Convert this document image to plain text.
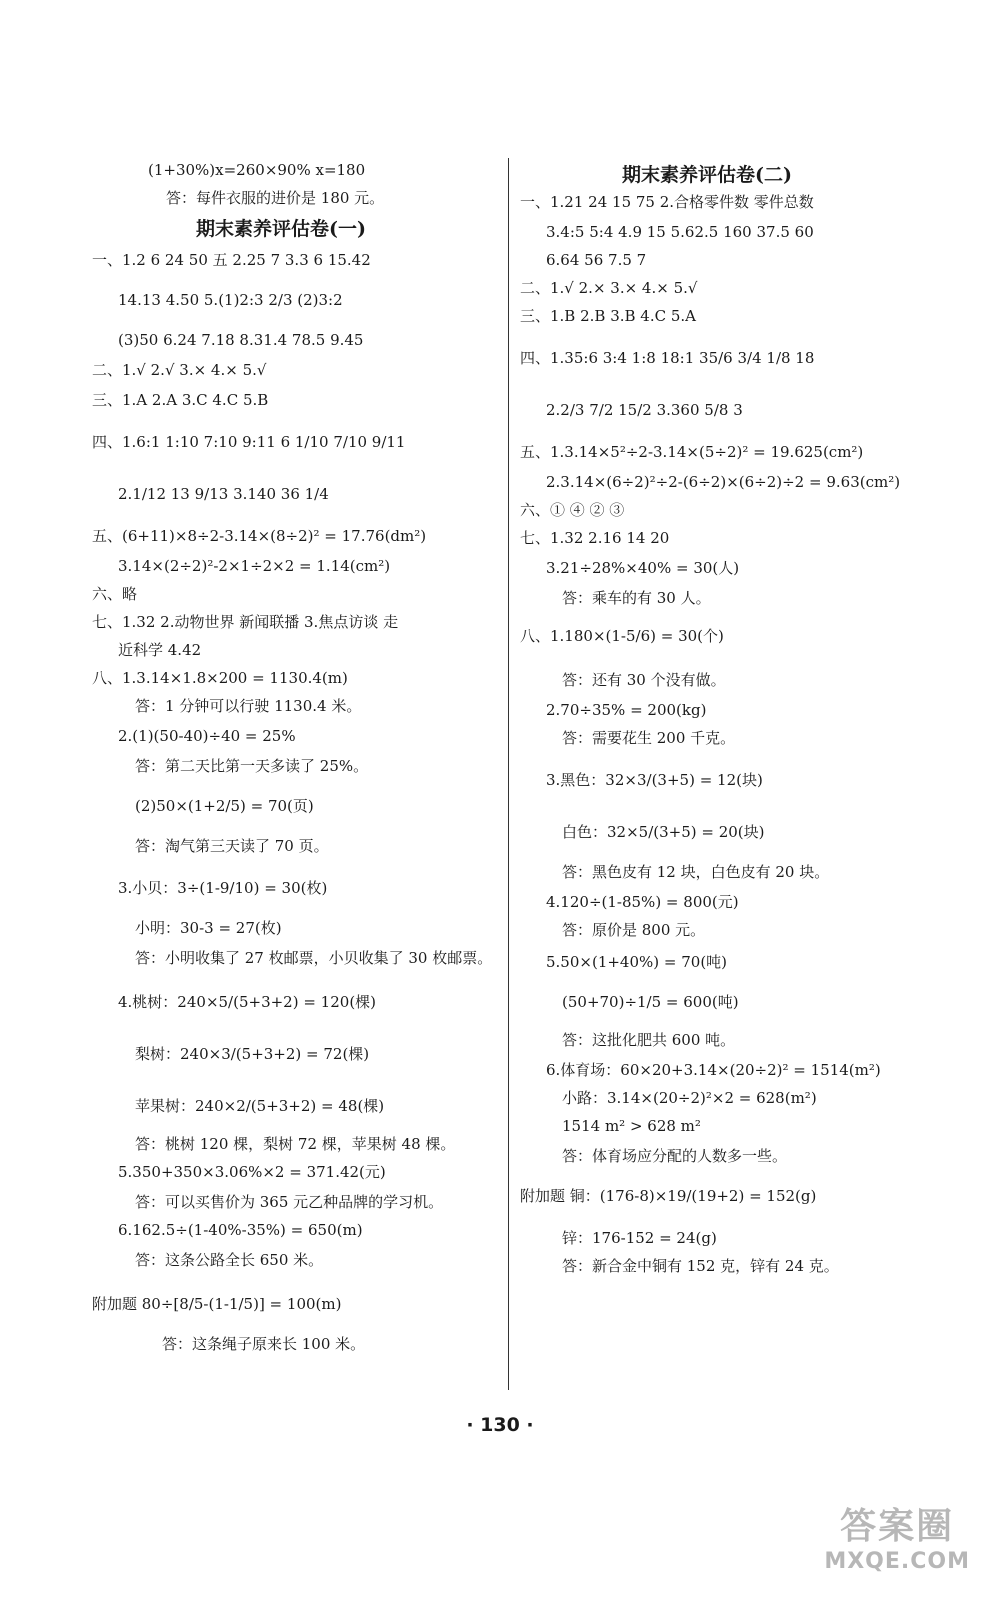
(1+30%)x=260×90% x=180
答：每件衣服的进价是 180 元。
期末素养评估卷(一)
一、1.2 6 24 50 五 2.25 7 3.3 6 15.42
14.13 4.50 5.(1)2:3 2/3 (2)3:2
(3)50 6.24 7.18 8.31.4 78.5 9.45
二、1.√ 2.√ 3.× 4.× 5.√
三、1.A 2.A 3.C 4.C 5.B
四、1.6:1 1:10 7:10 9:11 6 1/10 7/10 9/11
2.1/12 13 9/13 3.140 36 1/4
五、(6+11)×8÷2-3.14×(8÷2)² = 17.76(dm²)
3.14×(2÷2)²-2×1÷2×2 = 1.14(cm²)
六、略
七、1.32 2.动物世界 新闻联播 3.焦点访谈 走
近科学 4.42
八、1.3.14×1.8×200 = 1130.4(m)
答：1 分钟可以行驶 1130.4 米。
2.(1)(50-40)÷40 = 25%
答：第二天比第一天多读了 25%。
(2)50×(1+2/5) = 70(页)
答：淘气第三天读了 70 页。
3.小贝：3÷(1-9/10) = 30(枚)
小明：30-3 = 27(枚)
答：小明收集了 27 枚邮票，小贝收集了 30 枚邮票。
4.桃树：240×5/(5+3+2) = 120(棵)
梨树：240×3/(5+3+2) = 72(棵)
苹果树：240×2/(5+3+2) = 48(棵)
答：桃树 120 棵，梨树 72 棵，苹果树 48 棵。
5.350+350×3.06%×2 = 371.42(元)
答：可以买售价为 365 元乙种品牌的学习机。
6.162.5÷(1-40%-35%) = 650(m)
答：这条公路全长 650 米。
附加题 80÷[8/5-(1-1/5)] = 100(m)
答：这条绳子原来长 100 米。
期末素养评估卷(二)
一、1.21 24 15 75 2.合格零件数 零件总数
3.4:5 5:4 4.9 15 5.62.5 160 37.5 60
6.64 56 7.5 7
二、1.√ 2.× 3.× 4.× 5.√
三、1.B 2.B 3.B 4.C 5.A
四、1.35:6 3:4 1:8 18:1 35/6 3/4 1/8 18
2.2/3 7/2 15/2 3.360 5/8 3
五、1.3.14×5²÷2-3.14×(5÷2)² = 19.625(cm²)
2.3.14×(6÷2)²÷2-(6÷2)×(6÷2)÷2 = 9.63(cm²)
六、① ④ ② ③
七、1.32 2.16 14 20
3.21÷28%×40% = 30(人)
答：乘车的有 30 人。
八、1.180×(1-5/6) = 30(个)
答：还有 30 个没有做。
2.70÷35% = 200(kg)
答：需要花生 200 千克。
3.黑色：32×3/(3+5) = 12(块)
白色：32×5/(3+5) = 20(块)
答：黑色皮有 12 块，白色皮有 20 块。
4.120÷(1-85%) = 800(元)
答：原价是 800 元。
5.50×(1+40%) = 70(吨)
(50+70)÷1/5 = 600(吨)
答：这批化肥共 600 吨。
6.体育场：60×20+3.14×(20÷2)² = 1514(m²)
小路：3.14×(20÷2)²×2 = 628(m²)
1514 m² > 628 m²
答：体育场应分配的人数多一些。
附加题 铜：(176-8)×19/(19+2) = 152(g)
锌：176-152 = 24(g)
答：新合金中铜有 152 克，锌有 24 克。
· 130 ·
答案圈
MXQE.COM
